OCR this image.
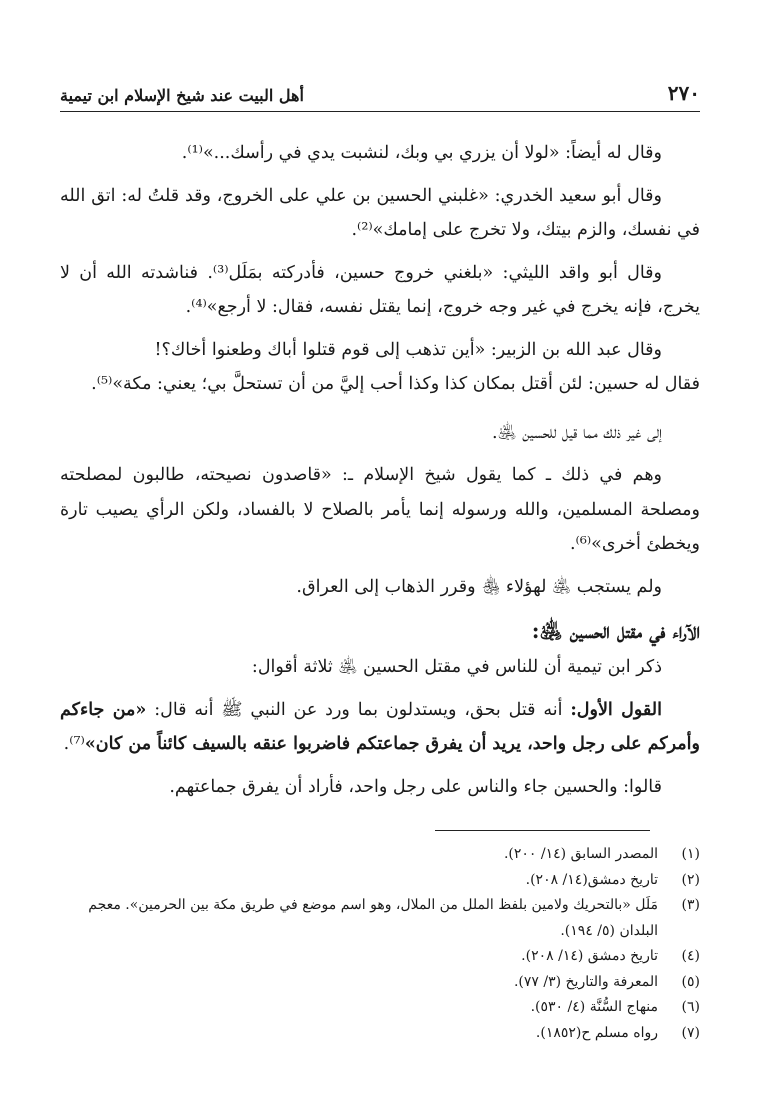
٢٧٠
أهل البيت عند شيخ الإسلام ابن تيمية

وقال له أيضاً: «لولا أن يزري بي وبك، لنشبت يدي في رأسك...»⁽¹⁾.

وقال أبو سعيد الخدري: «غلبني الحسين بن علي على الخروج، وقد قلتُ له: اتق الله في نفسك، والزم بيتك، ولا تخرج على إمامك»⁽²⁾.

وقال أبو واقد الليثي: «بلغني خروج حسين، فأدركته بمَلَل⁽³⁾. فناشدته الله أن لا يخرج، فإنه يخرج في غير وجه خروج، إنما يقتل نفسه، فقال: لا أرجع»⁽⁴⁾.

وقال عبد الله بن الزبير: «أين تذهب إلى قوم قتلوا أباك وطعنوا أخاك؟!

فقال له حسين: لئن أقتل بمكان كذا وكذا أحب إليَّ من أن تستحلَّ بي؛ يعني: مكة»⁽⁵⁾.

إلى غير ذلك مما قيل للحسين ﵁.

وهم في ذلك ـ كما يقول شيخ الإسلام ـ: «قاصدون نصيحته، طالبون لمصلحته ومصلحة المسلمين، والله ورسوله إنما يأمر بالصلاح لا بالفساد، ولكن الرأي يصيب تارة ويخطئ أخرى»⁽⁶⁾.

ولم يستجب ﵁ لهؤلاء ﵃ وقرر الذهاب إلى العراق.

الآراء في مقتل الحسين ﵁:

ذكر ابن تيمية أن للناس في مقتل الحسين ﵁ ثلاثة أقوال:

القول الأول: أنه قتل بحق، ويستدلون بما ورد عن النبي ﷺ أنه قال: «من جاءكم وأمركم على رجل واحد، يريد أن يفرق جماعتكم فاضربوا عنقه بالسيف كائناً من كان»⁽⁷⁾.

قالوا: والحسين جاء والناس على رجل واحد، فأراد أن يفرق جماعتهم.

(١)
المصدر السابق (١٤/ ٢٠٠).
(٢)
تاريخ دمشق(١٤/ ٢٠٨).
(٣)
مَلَل «بالتحريك ولامين بلفظ الملل من الملال، وهو اسم موضع في طريق مكة بين الحرمين». معجم البلدان (٥/ ١٩٤).
(٤)
تاريخ دمشق (١٤/ ٢٠٨).
(٥)
المعرفة والتاريخ (٣/ ٧٧).
(٦)
منهاج السُّنَّة (٤/ ٥٣٠).
(٧)
رواه مسلم ح(١٨٥٢).
